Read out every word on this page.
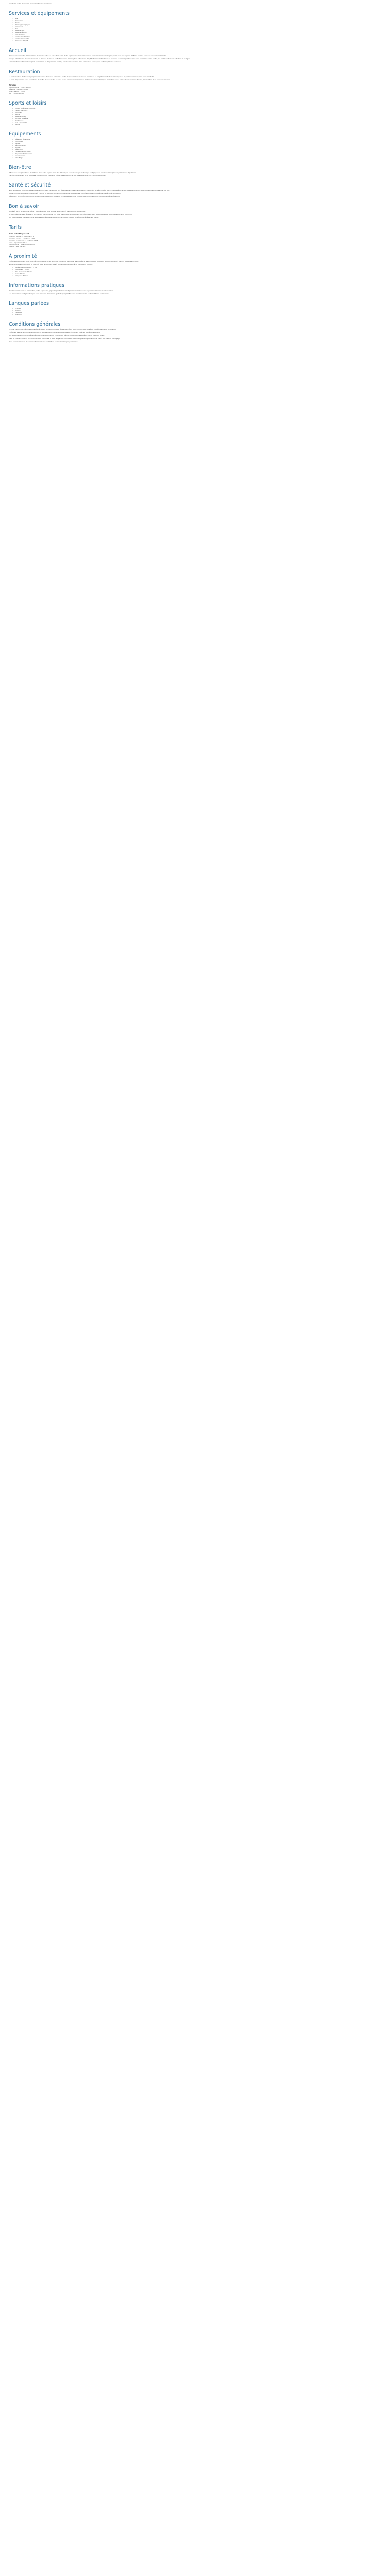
Charte de l'hôtel du Louvre - Caractéristiques : résidence

Services et équipements
• Wifi
• Restaurant
• Piscine
• Parking privé payant
• Ascenseur
• Bar
• Salle de sport
• Salle de réunion
• Climatisation
• Service de chambre
• Service de navette
• Réception 24h/24
Accueil

Bienvenue dans notre établissement de charme situé au cœur de la ville. Notre équipe vous accueille dans un cadre chaleureux et élégant, idéal pour vos séjours d'affaires comme pour vos vacances en famille.

Chaque chambre est décorée avec soin et dispose de tout le confort moderne. La réception est ouverte 24h/24 et nos collaborateurs se tiennent à votre disposition pour vous conseiller sur les visites, les restaurants et les activités de la région.

L'hôtel est accessible en transports en commun et dispose d'un parking privé sur réservation. Les animaux de compagnie sont acceptés sur demande.

Restauration

Le restaurant de l'hôtel vous propose une cuisine de saison élaborée à partir de produits frais et locaux. Le chef et sa brigade revisitent les classiques de la gastronomie française avec créativité.

Le petit-déjeuner est servi sous forme de buffet chaque matin en salle ou en terrasse selon la saison. Le bar vous accueille l'après-midi et en soirée autour d'une sélection de vins, de cocktails et de boissons chaudes.

Horaires
Petit-déjeuner : 7h00 - 10h30
Déjeuner : 12h00 - 14h00
Dîner : 19h00 - 22h00
Bar : 11h00 - 23h00
Sports et loisirs
• Piscine extérieure chauffée
• Espace bien-être
• Hammam
• Sauna
• Salle de fitness
• Location de vélos
• Randonnée
• Golf à proximité
• Tennis
Équipements
• Télévision écran plat
• Coffre-fort
• Minibar
• Sèche-cheveux
• Bureau
• Téléphone
• Plateau de courtoisie
• Peignoirs et chaussons
• Insonorisation
• Chauffage
Bien-être

Offrez-vous une parenthèse de détente dans notre espace bien-être. Massages, soins du visage et du corps sont proposés sur réservation par nos praticiennes diplômées.

L'accès au hammam et au sauna est inclus pour les clients de l'hôtel. Des peignoirs et des serviettes sont mis à votre disposition.

Santé et sécurité

Nous appliquons un protocole sanitaire renforcé dans l'ensemble de l'établissement. Les chambres sont nettoyées et désinfectées entre chaque séjour et les espaces communs sont entretenus plusieurs fois par jour.

Du gel hydroalcoolique est disponible à l'entrée et dans les parties communes. Le personnel est formé aux règles d'hygiène et de sécurité en vigueur.

Détecteurs de fumée, extincteurs et plan d'évacuation sont présents à chaque étage. Une trousse de premiers secours est disponible à la réception.

Bon à savoir

Arrivée à partir de 15h00 et départ jusqu'à 11h00. Une bagagerie est mise à disposition gratuitement.

Le petit-déjeuner peut être servi en chambre sur demande. Lits bébé disponibles gratuitement sur réservation. Lit d'appoint possible selon la catégorie de chambre.

Les paiements par carte bancaire, espèces et chèques vacances sont acceptés. La taxe de séjour est à régler sur place.

Tarifs
Tarifs indicatifs par nuit
Chambre simple : à partir de 89 €
Chambre double : à partir de 109 €
Chambre supérieure : à partir de 139 €
Suite : à partir de 189 €
Petit-déjeuner : 14 € par personne
Parking : 15 € par nuit
À proximité

L'hôtel est idéalement situé pour découvrir la ville et ses environs. Le centre historique, les musées et les principales boutiques sont accessibles à pied en quelques minutes.

Nombreux restaurants, cafés et marchés dans le quartier. Gare à 10 minutes, aéroport à 30 minutes en navette.

• Musée des Beaux-Arts : 5 min
• Cathédrale : 8 min
• Parc municipal : 10 min
• Gare : 10 min
• Aéroport : 30 min
Informations pratiques

Pour toute demande ou réservation, notre équipe est joignable par téléphone et par courriel. Nous vous répondons dans les meilleurs délais.

Les réservations sont garanties par carte bancaire. Annulation gratuite jusqu'à 48 heures avant l'arrivée, sauf conditions particulières.

Langues parlées
• Français
• Anglais
• Espagnol
• Allemand
Conditions générales

La réservation n'est définitive qu'après réception de la confirmation écrite de l'hôtel. Toute modification du séjour doit être signalée au plus tôt.

L'hôtel se réserve le droit de refuser l'accès à toute personne ne respectant pas le règlement intérieur de l'établissement.

Les objets de valeur doivent être déposés dans le coffre-fort. La direction décline toute responsabilité en cas de perte ou de vol.

Il est strictement interdit de fumer dans les chambres et dans les parties communes. Tout manquement pourra donner lieu à des frais de nettoyage.

Nous vous remercions de votre confiance et vous souhaitons un excellent séjour parmi nous.
